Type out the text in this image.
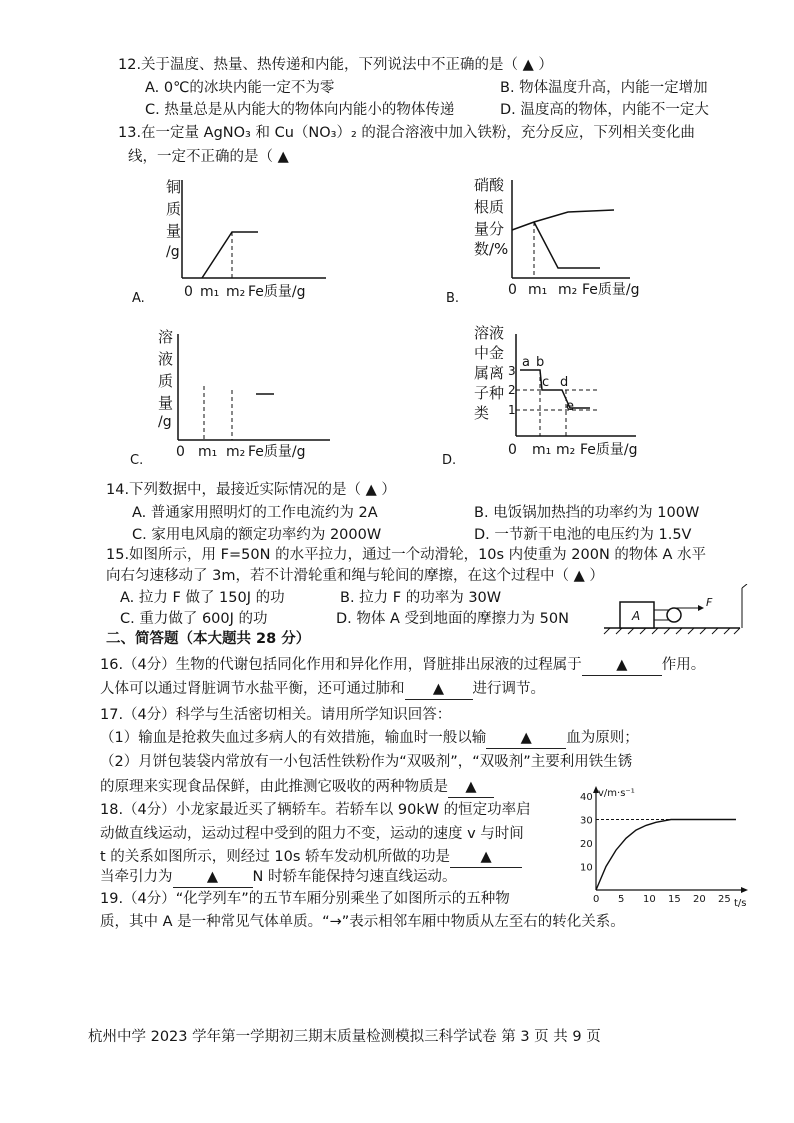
12.关于温度、热量、热传递和内能，下列说法中不正确的是（ ▲ ）
A. 0℃的冰块内能一定不为零	B. 物体温度升高，内能一定增加
C. 热量总是从内能大的物体向内能小的物体传递	D. 温度高的物体，内能不一定大
13.在一定量 AgNO₃ 和 Cu（NO₃）₂ 的混合溶液中加入铁粉，充分反应，下列相关变化曲
线，一定不正确的是（ ▲
铜
质
量
/g
0 m₁ m₂ Fe质量/g
A.
硝酸
根质
量分
数/%
0 m₁ m₂ Fe质量/g
B.
溶
液
质
量
/g
0 m₁ m₂ Fe质量/g
C.
溶液
中金
属离
子种
类
3
2
1
a b
c d
e
0 m₁ m₂ Fe质量/g
D.
14.下列数据中，最接近实际情况的是（ ▲ ）
A. 普通家用照明灯的工作电流约为 2A	B. 电饭锅加热挡的功率约为 100W
C. 家用电风扇的额定功率约为 2000W	D. 一节新干电池的电压约为 1.5V
15.如图所示，用 F=50N 的水平拉力，通过一个动滑轮，10s 内使重为 200N 的物体 A 水平
向右匀速移动了 3m，若不计滑轮重和绳与轮间的摩擦，在这个过程中（ ▲ ）
A. 拉力 F 做了 150J 的功	B. 拉力 F 的功率为 30W
C. 重力做了 600J 的功	D. 物体 A 受到地面的摩擦力为 50N	A
F
二、简答题（本大题共 28 分）
16.（4分）生物的代谢包括同化作用和异化作用，肾脏排出尿液的过程属于 ▲ 作用。
人体可以通过肾脏调节水盐平衡，还可通过肺和 ▲ 进行调节。
17.（4分）科学与生活密切相关。请用所学知识回答：
（1）输血是抢救失血过多病人的有效措施，输血时一般以输 ▲ 血为原则；
（2）月饼包装袋内常放有一小包活性铁粉作为“双吸剂”，“双吸剂”主要利用铁生锈
的原理来实现食品保鲜，由此推测它吸收的两种物质是 ▲
18.（4分）小龙家最近买了辆轿车。若轿车以 90kW 的恒定功率启
动做直线运动，运动过程中受到的阻力不变，运动的速度 v 与时间
t 的关系如图所示，则经过 10s 轿车发动机所做的功是 ▲
当牵引力为 ▲ N 时轿车能保持匀速直线运动。
v/m·s⁻¹
t/s
0 5 10 15 20 25
10
20
30
40
19.（4分）“化学列车”的五节车厢分别乘坐了如图所示的五种物
质，其中 A 是一种常见气体单质。“→”表示相邻车厢中物质从左至右的转化关系。
杭州中学 2023 学年第一学期初三期末质量检测模拟三科学试卷 第 3 页 共 9 页
